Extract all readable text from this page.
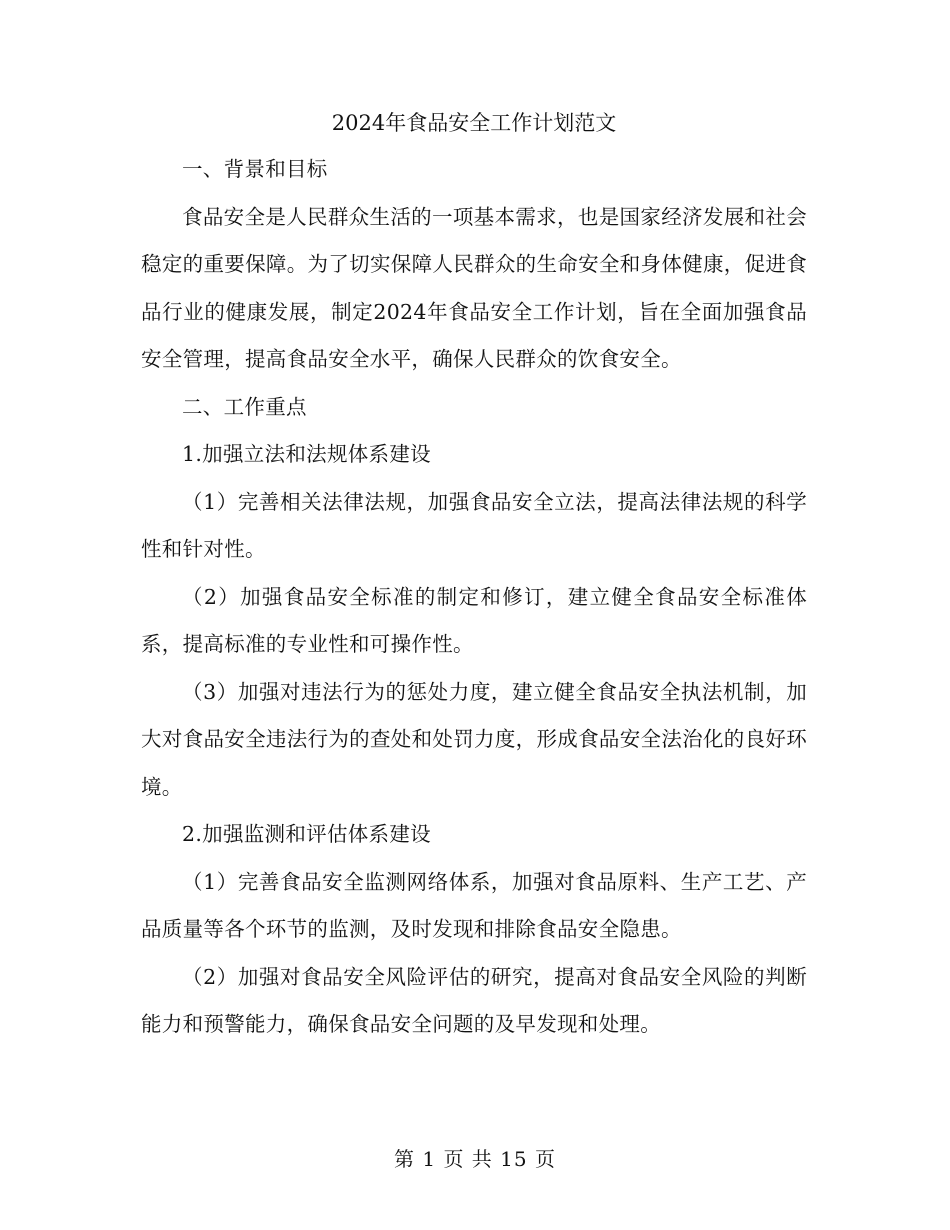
2024年食品安全工作计划范文

一、背景和目标

食品安全是人民群众生活的一项基本需求，也是国家经济发展和社会稳定的重要保障。为了切实保障人民群众的生命安全和身体健康，促进食品行业的健康发展，制定2024年食品安全工作计划，旨在全面加强食品安全管理，提高食品安全水平，确保人民群众的饮食安全。

二、工作重点

1.加强立法和法规体系建设

（1）完善相关法律法规，加强食品安全立法，提高法律法规的科学性和针对性。

（2）加强食品安全标准的制定和修订，建立健全食品安全标准体系，提高标准的专业性和可操作性。

（3）加强对违法行为的惩处力度，建立健全食品安全执法机制，加大对食品安全违法行为的查处和处罚力度，形成食品安全法治化的良好环境。

2.加强监测和评估体系建设

（1）完善食品安全监测网络体系，加强对食品原料、生产工艺、产品质量等各个环节的监测，及时发现和排除食品安全隐患。

（2）加强对食品安全风险评估的研究，提高对食品安全风险的判断能力和预警能力，确保食品安全问题的及早发现和处理。

第 1 页 共 15 页
